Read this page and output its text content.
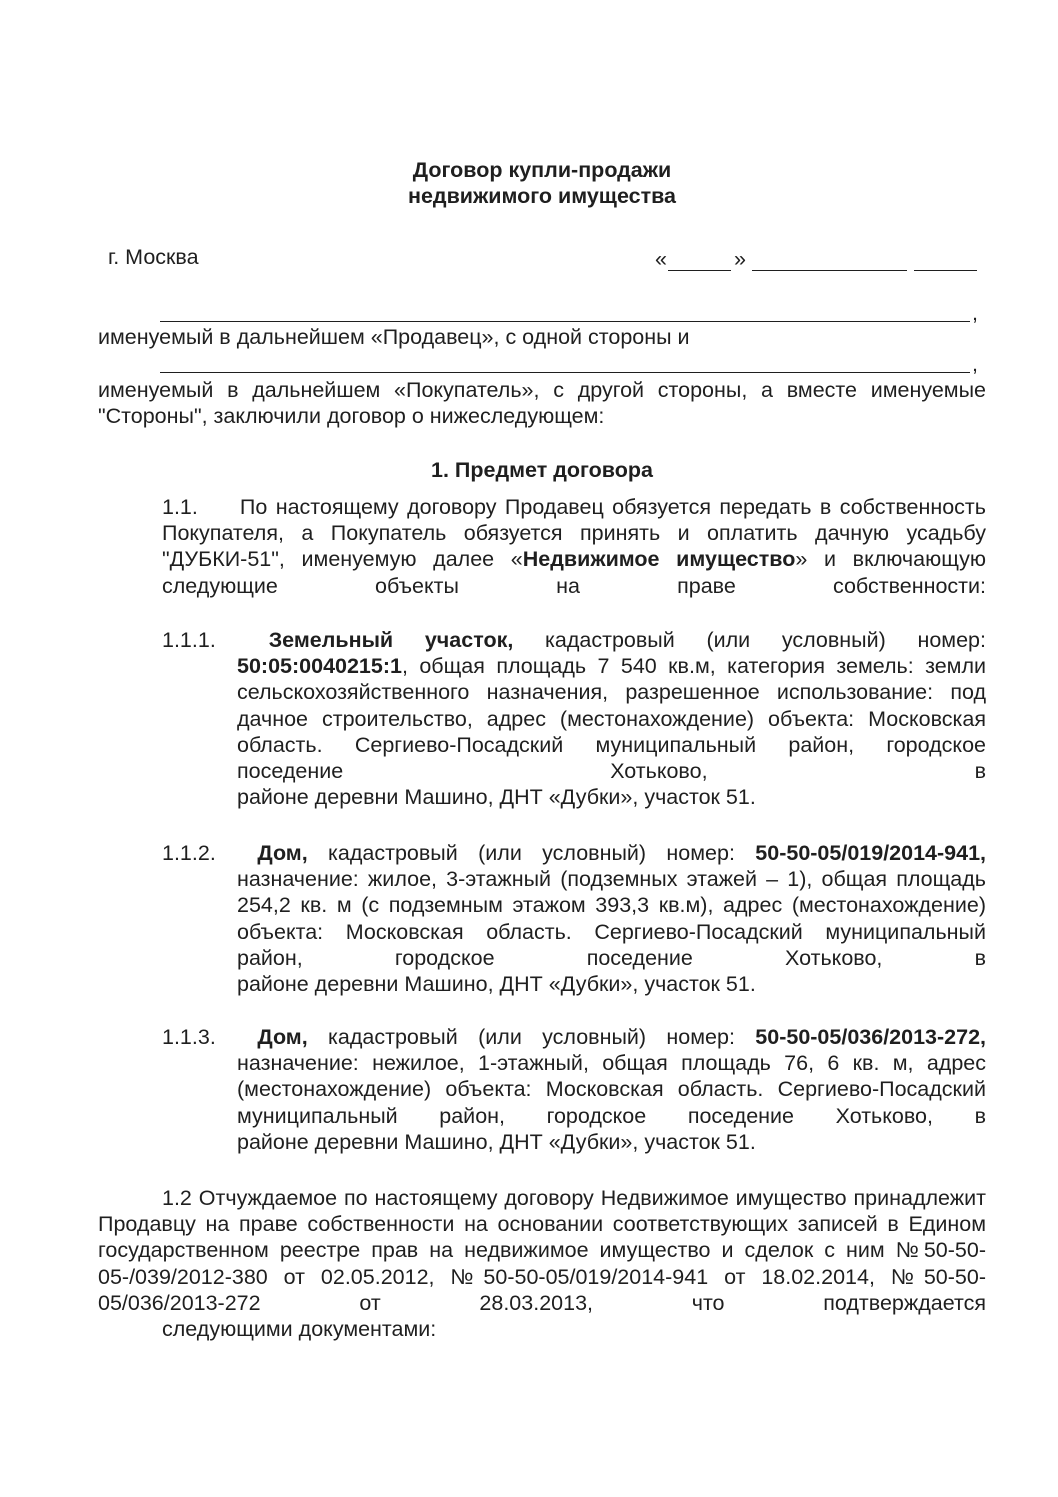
Договор купли-продажи
недвижимого имущества
г. Москва	«	»
,
именуемый в дальнейшем «Продавец», с одной стороны и
,

именуемый в дальнейшем «Покупатель», с другой стороны, а вместе именуемые
"Стороны", заключили договор о нижеследующем:

1. Предмет договора

1.1. По настоящему договору Продавец обязуется передать в собственность Покупателя, а Покупатель обязуется принять и оплатить дачную усадьбу "ДУБКИ-51", именуемую далее «Недвижимое имущество» и включающую следующие объекты на праве собственности:

1.1.1.	Земельный участок, кадастровый (или условный) номер: 50:05:0040215:1, общая площадь 7 540 кв.м, категория земель: земли сельскохозяйственного назначения, разрешенное использование: под дачное строительство, адрес (местонахождение) объекта: Московская область. Сергиево-Посадский муниципальный район, городское поседение Хотьково, в
районе деревни Машино, ДНТ «Дубки», участок 51.

1.1.2.	Дом, кадастровый (или условный) номер: 50-50-05/019/2014-941, назначение: жилое, 3-этажный (подземных этажей – 1), общая площадь 254,2 кв. м (с подземным этажом 393,3 кв.м), адрес (местонахождение) объекта: Московская область. Сергиево-Посадский муниципальный район, городское поседение Хотьково, в
районе деревни Машино, ДНТ «Дубки», участок 51.

1.1.3.	Дом, кадастровый (или условный) номер: 50-50-05/036/2013-272, назначение: нежилое, 1-этажный, общая площадь 76, 6 кв. м, адрес (местонахождение) объекта: Московская область. Сергиево-Посадский муниципальный район, городское поседение Хотьково, в
районе деревни Машино, ДНТ «Дубки», участок 51.

1.2 Отчуждаемое по настоящему договору Недвижимое имущество принадлежит Продавцу на праве собственности на основании соответствующих записей в Едином государственном реестре прав на недвижимое имущество и сделок с ним №50-50-05-/039/2012-380 от 02.05.2012, №50-50-05/019/2014-941 от 18.02.2014, №50-50-05/036/2013-272 от 28.03.2013, что подтверждается
следующими документами:
